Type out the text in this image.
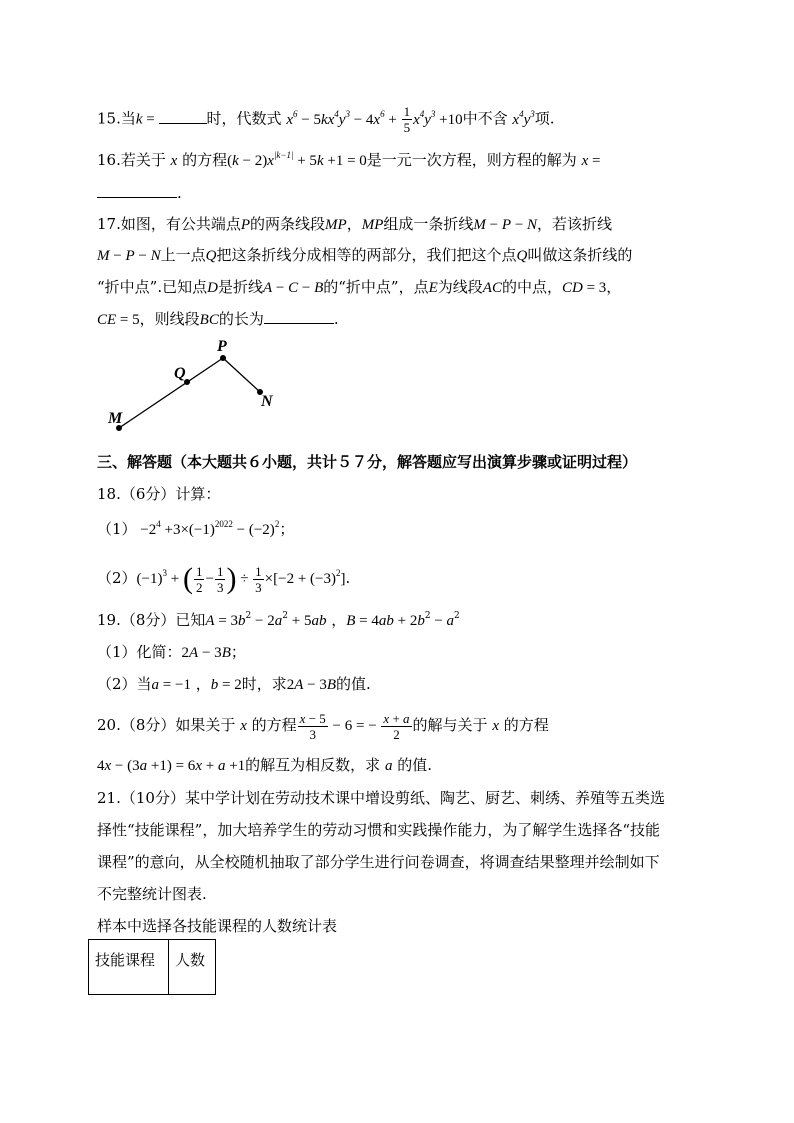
15.当k =	时，代数式 $x^6 - 5kx^4y^3 - 4x^6 + \frac{1}{5} x^4y^3 +10$中不含 $x^4y^3$项.
16.若关于 x 的方程$(k - 2)x^{|k-1|} + 5k +1 = 0$是一元一次方程，则方程的解为 x =
.
17.如图，有公共端点P的两条线段MP，MP组成一条折线M − P − N，若该折线
M − P − N上一点Q把这条折线分成相等的两部分，我们把这个点Q叫做这条折线的
“折中点”.已知点D是折线A − C − B的“折中点”，点E为线段AC的中点，CD = 3，
CE = 5，则线段BC的长为	.
P
Q
M
N
三、解答题（本大题共６小题，共计５７分，解答题应写出演算步骤或证明过程）
18.（6分）计算：
$(1) -2^4 +3\times(-1)^{2022} - (-2)^2$；
$(2)(-1)^3$ + ( $\frac{1}{2} - \frac{1}{3}$ ) ÷ $\frac{1}{3} \times[-2 + (-3)^2]$.
19.（8分）已知$A = 3b^2 - 2a^2 + 5ab$ ，$B = 4ab + 2b^2 - a^2$
（1）化简：2A − 3B；
（2）当a = −1 ，b = 2时，求2A − 3B的值.
20.（8分）如果关于 x 的方程 $\frac{x - 5}{3} - 6$ = − $\frac{x + a}{2}$ 的解与关于 x 的方程
4x − (3a +1) = 6x + a +1的解互为相反数，求 a 的值.
21.（10分）某中学计划在劳动技术课中增设剪纸、陶艺、厨艺、刺绣、养殖等五类选
择性“技能课程”，加大培养学生的劳动习惯和实践操作能力，为了解学生选择各“技能
课程”的意向，从全校随机抽取了部分学生进行问卷调查，将调查结果整理并绘制如下
不完整统计图表.
样本中选择各技能课程的人数统计表
技能课程	人数
